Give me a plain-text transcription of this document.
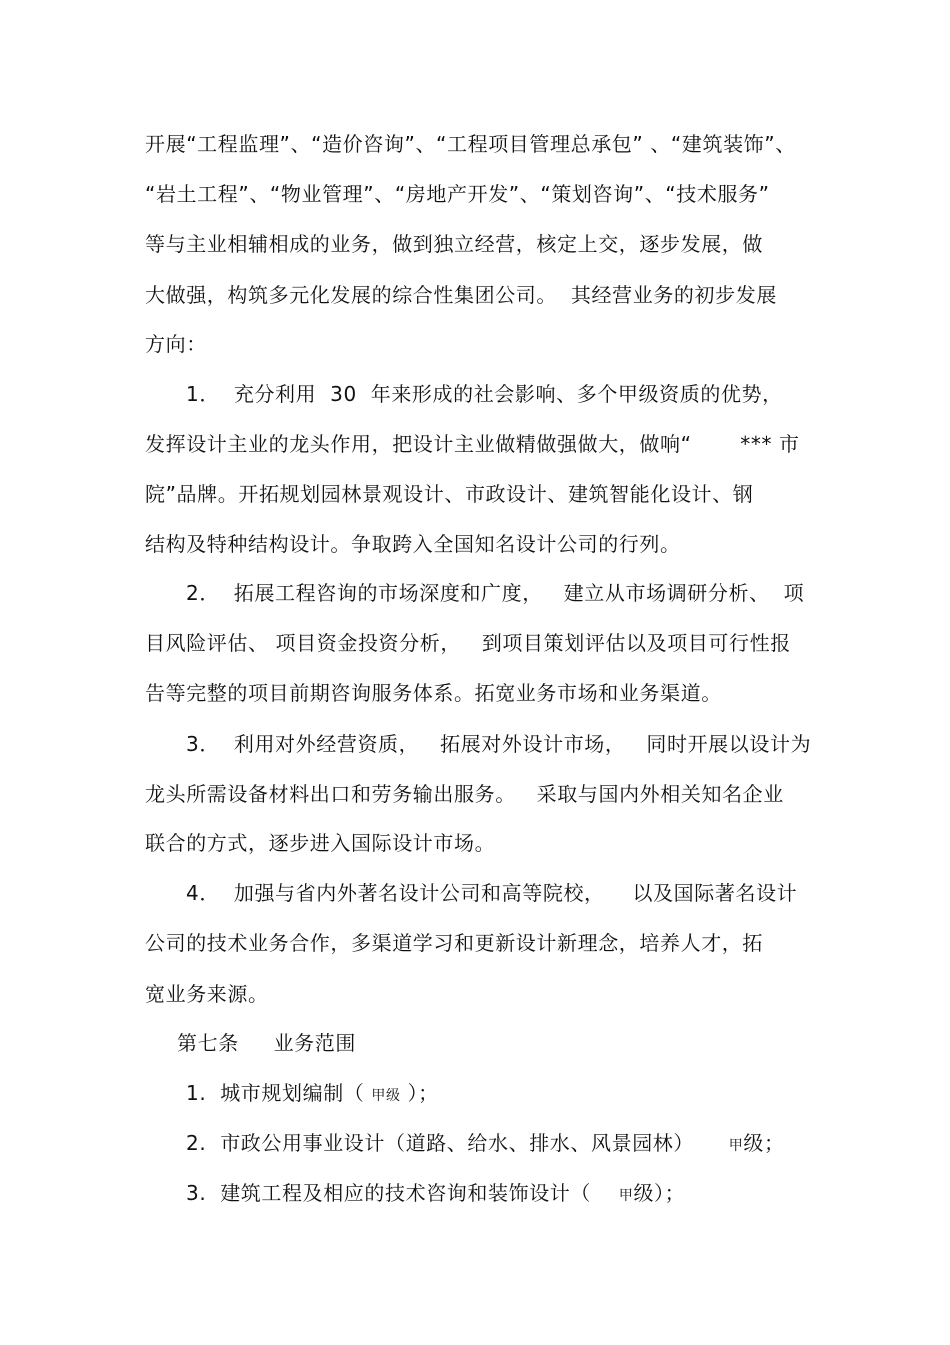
开展“工程监理”、“造价咨询”、“工程项目管理总承包” 、“建筑装饰”、
“岩土工程”、“物业管理”、“房地产开发”、“策划咨询”、“技术服务”
等与主业相辅相成的业务，做到独立经营，核定上交，逐步发展，做
大做强，构筑多元化发展的综合性集团公司。  其经营业务的初步发展
方向：
1．  充分利用  30  年来形成的社会影响、多个甲级资质的优势，
发挥设计主业的龙头作用，把设计主业做精做强做大，做响“       *** 市
院”品牌。开拓规划园林景观设计、市政设计、建筑智能化设计、钢
结构及特种结构设计。争取跨入全国知名设计公司的行列。
2．  拓展工程咨询的市场深度和广度，   建立从市场调研分析、  项
目风险评估、 项目资金投资分析，   到项目策划评估以及项目可行性报
告等完整的项目前期咨询服务体系。拓宽业务市场和业务渠道。
3．  利用对外经营资质，   拓展对外设计市场，   同时开展以设计为
龙头所需设备材料出口和劳务输出服务。   采取与国内外相关知名企业
联合的方式，逐步进入国际设计市场。
4．  加强与省内外著名设计公司和高等院校，    以及国际著名设计
公司的技术业务合作，多渠道学习和更新设计新理念，培养人才，拓
宽业务来源。
第七条     业务范围
1.  城市规划编制（ 甲级 ）；
2.  市政公用事业设计（道路、给水、排水、风景园林）     甲级；
3.  建筑工程及相应的技术咨询和装饰设计（    甲级）；
